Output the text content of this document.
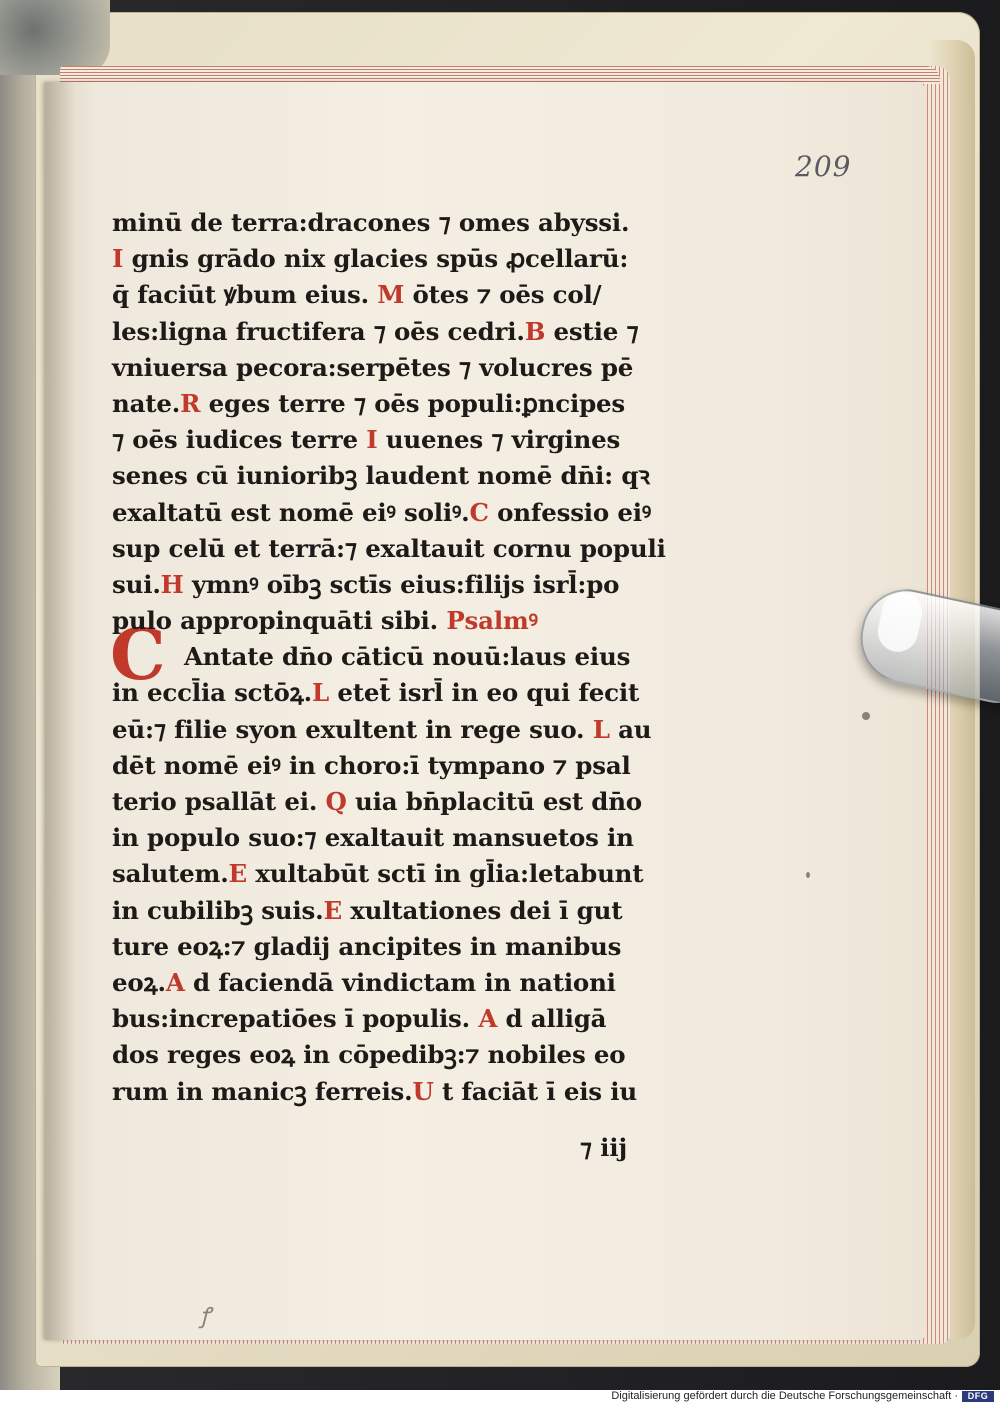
209
C
minū de terra:dracones ⁊ omes abyssi.
I gnis grādo nix glacies spūs ꝓcellarū:
q̄ faciūt ꝟbum eius. M ōtes ⁊ oēs col/
les:ligna fructifera ⁊ oēs cedri.B estie ⁊
vniuersa pecora:serpētes ⁊ volucres pē
nate.R eges terre ⁊ oēs populi:ꝑncipes
⁊ oēs iudices terre I uuenes ⁊ virgines
senes cū iunioribꝫ laudent nomē dn̄i: qꝛ
exaltatū est nomē eiꝰ soliꝰ.C onfessio eiꝰ
sup celū et terrā:⁊ exaltauit cornu populi
sui.H ymnꝰ oībꝫ sctīs eius:filijs isrl̄:po
pulo appropinquāti sibi. Psalmꝰ
Antate dn̄o cāticū nouū:laus eius
in eccl̄ia sctōꝝ.L etet̄ isrl̄ in eo qui fecit
eū:⁊ filie syon exultent in rege suo. L au
dēt nomē eiꝰ in choro:ī tympano ⁊ psal
terio psallāt ei. Q uia bn̄placitū est dn̄o
in populo suo:⁊ exaltauit mansuetos in
salutem.E xultabūt sctī in gl̄ia:letabunt
in cubilibꝫ suis.E xultationes dei ī gut
ture eoꝝ:⁊ gladij ancipites in manibus
eoꝝ.A d faciendā vindictam in nationi
bus:increpatiōes ī populis. A d alligā
dos reges eoꝝ in cōpedibꝫ:⁊ nobiles eo
rum in manicꝫ ferreis.U t faciāt ī eis iu
⁊ iij
ꝭ
Digitalisierung gefördert durch die Deutsche Forschungsgemeinschaft ·	DFG
